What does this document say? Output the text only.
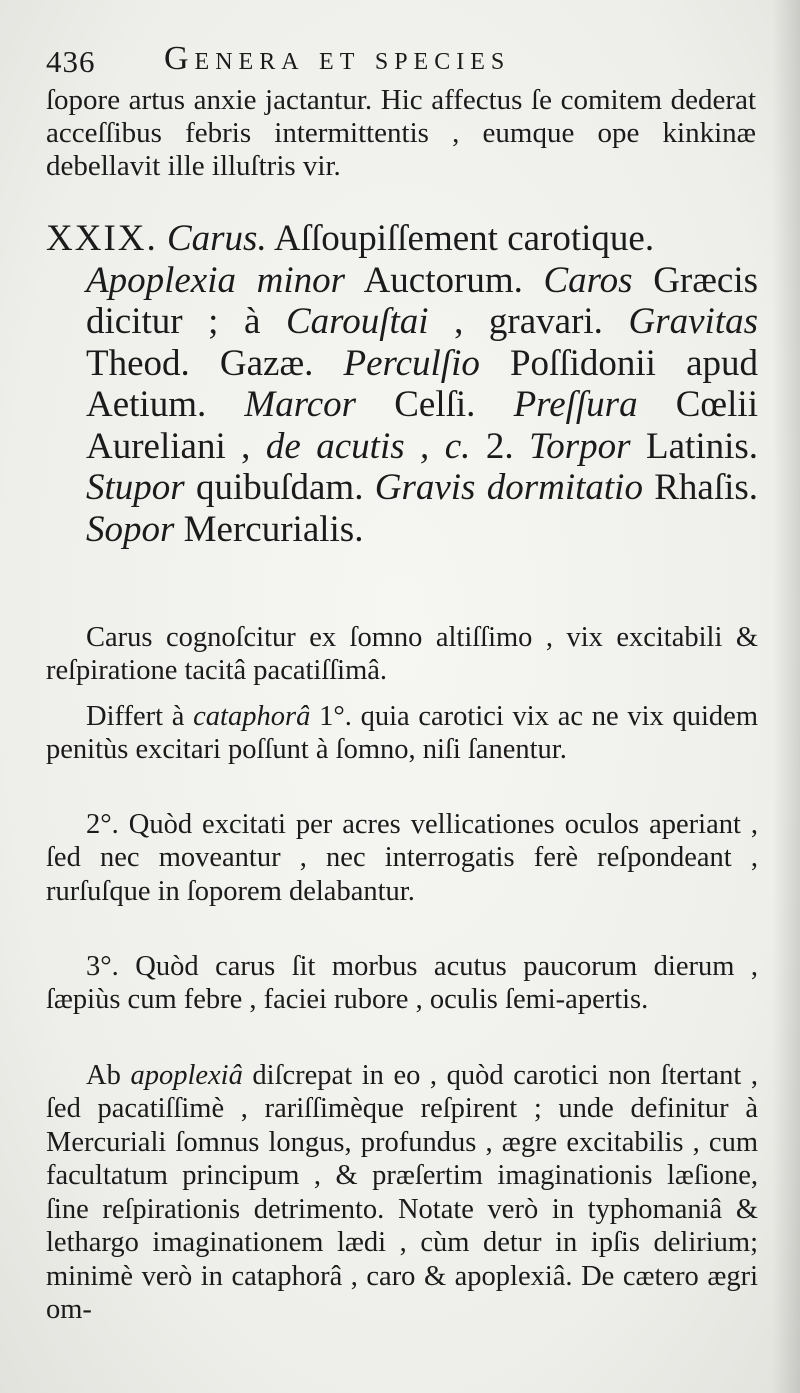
436 Genera et species

ſopore artus anxie jactantur. Hic affectus ſe comitem dederat acceſſibus febris intermittentis , eumque ope kinkinæ debellavit ille illuſtris vir.

XXIX. Carus. Aſſoupiſſement carotique.
Apoplexia minor Auctorum. Caros Græcis dicitur ; à Carouſtai , gravari. Gravitas Theod. Gazæ. Perculſio Poſſidonii apud Aetium. Marcor Celſi. Preſſura Cœlii Aureliani , de acutis , c. 2. Torpor Latinis. Stupor quibuſdam. Gravis dormitatio Rhaſis. Sopor Mercurialis.

Carus cognoſcitur ex ſomno altiſſimo , vix excitabili & reſpiratione tacitâ pacatiſſimâ.

Differt à cataphorâ 1°. quia carotici vix ac ne vix quidem penitùs excitari poſſunt à ſomno, niſi ſanentur.

2°. Quòd excitati per acres vellicationes oculos aperiant , ſed nec moveantur , nec interrogatis ferè reſpondeant , rurſuſque in ſoporem delabantur.

3°. Quòd carus ſit morbus acutus paucorum dierum , ſæpiùs cum febre , faciei rubore , oculis ſemi-apertis.

Ab apoplexiâ diſcrepat in eo , quòd carotici non ſtertant , ſed pacatiſſimè , rariſſimèque reſpirent ; unde definitur à Mercuriali ſomnus longus, profundus , ægre excitabilis , cum facultatum principum , & præſertim imaginationis læſione, ſine reſpirationis detrimento. Notate verò in typhomaniâ & lethargo imaginationem lædi , cùm detur in ipſis delirium; minimè verò in cataphorâ , caro & apoplexiâ. De cætero ægri om-
